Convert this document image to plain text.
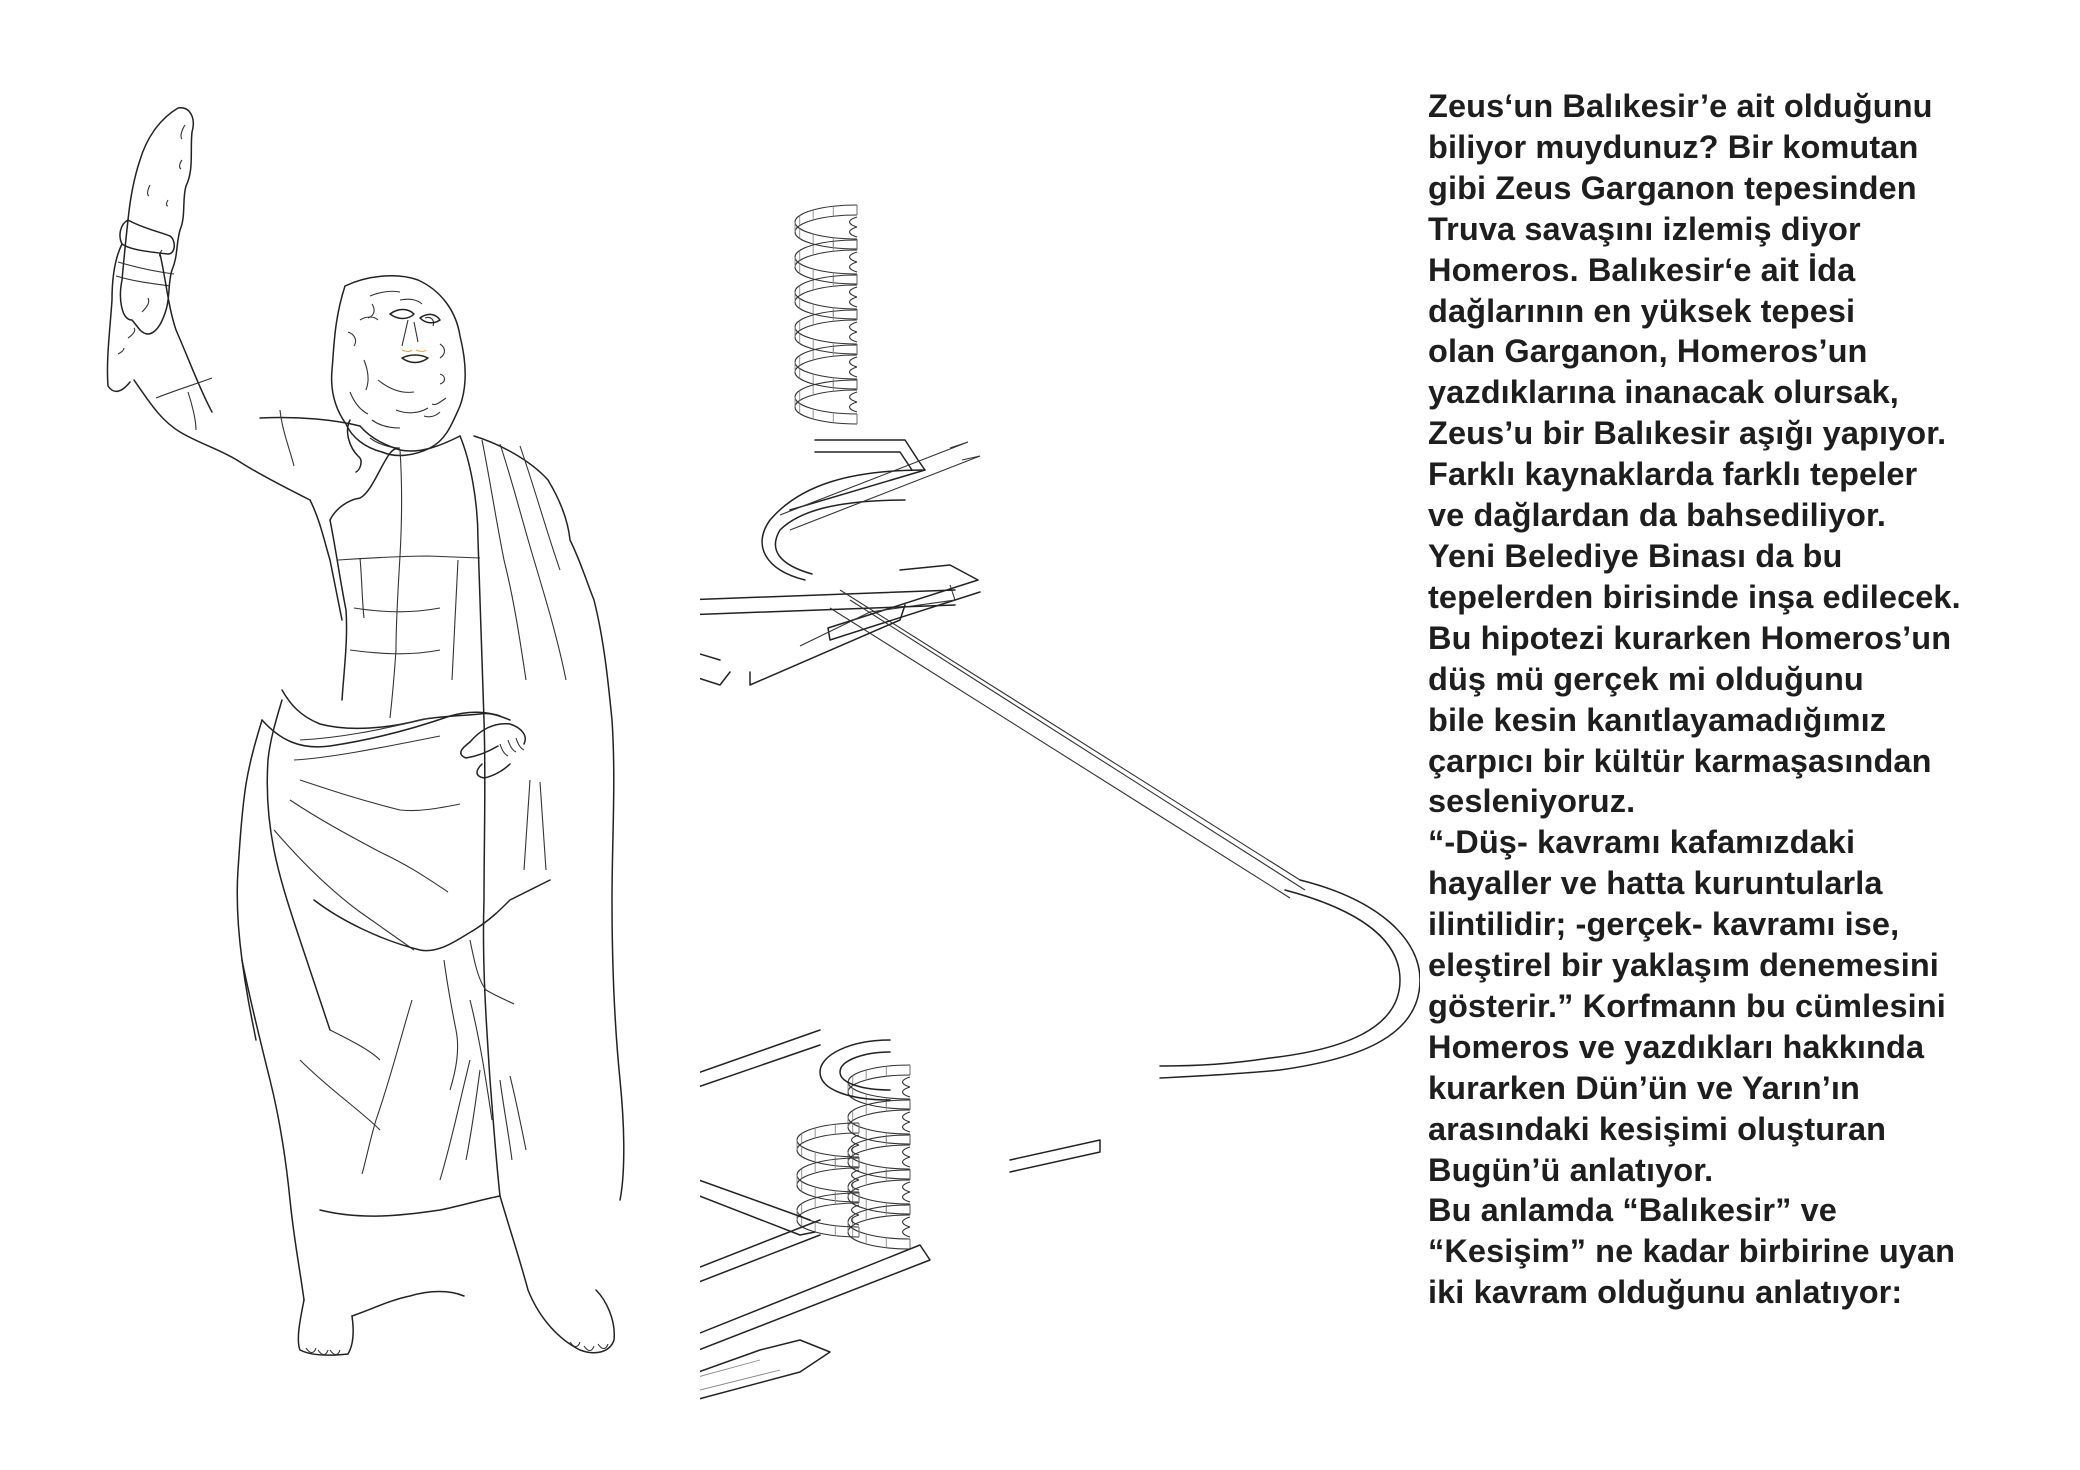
Zeus‘un Balıkesir’e ait olduğunu
biliyor muydunuz? Bir komutan
gibi Zeus Garganon tepesinden
Truva savaşını izlemiş diyor
Homeros. Balıkesir‘e ait İda
dağlarının en yüksek tepesi
olan Garganon, Homeros’un
yazdıklarına inanacak olursak,
Zeus’u bir Balıkesir aşığı yapıyor.
Farklı kaynaklarda farklı tepeler
ve dağlardan da bahsediliyor.
Yeni Belediye Binası da bu
tepelerden birisinde inşa edilecek.
Bu hipotezi kurarken Homeros’un
düş mü gerçek mi olduğunu
bile kesin kanıtlayamadığımız
çarpıcı bir kültür karmaşasından
sesleniyoruz.
“-Düş- kavramı kafamızdaki
hayaller ve hatta kuruntularla
ilintilidir; -gerçek- kavramı ise,
eleştirel bir yaklaşım denemesini
gösterir.” Korfmann bu cümlesini
Homeros ve yazdıkları hakkında
kurarken Dün’ün ve Yarın’ın
arasındaki kesişimi oluşturan
Bugün’ü anlatıyor.
Bu anlamda “Balıkesir” ve
“Kesişim” ne kadar birbirine uyan
iki kavram olduğunu anlatıyor:
